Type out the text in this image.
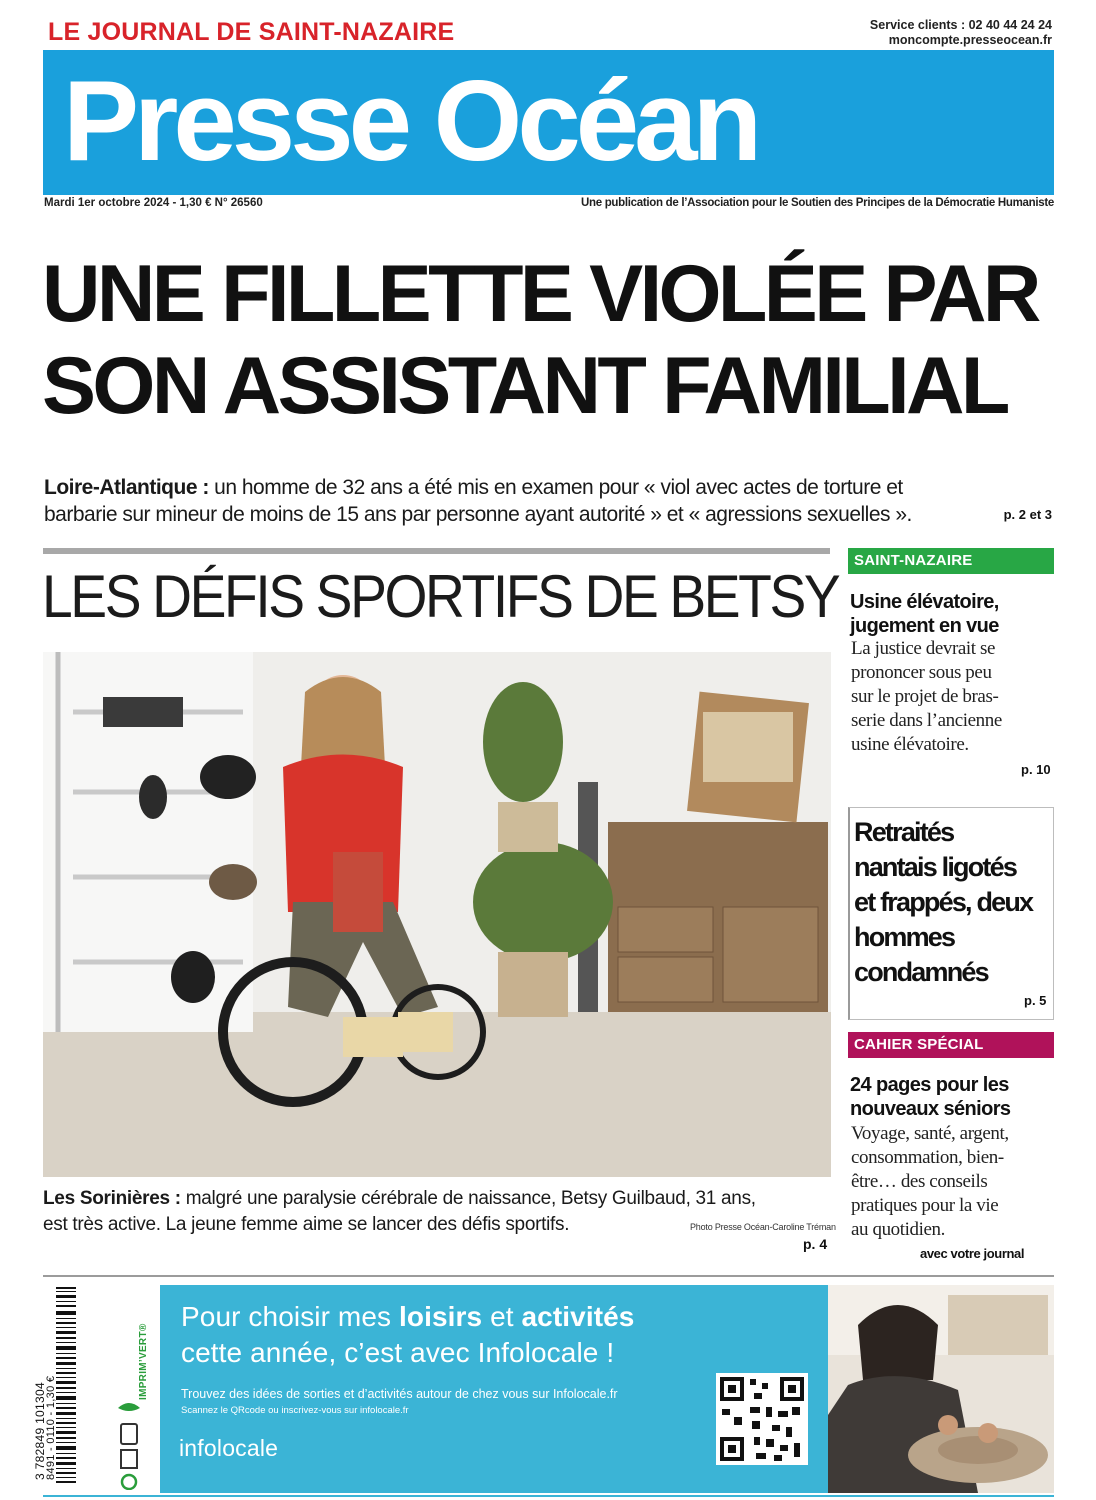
LE JOURNAL DE SAINT-NAZAIRE	Service clients : 02 40 44 24 24
moncompte.presseocean.fr
Presse Océan
Mardi 1er octobre 2024 - 1,30 € N° 26560	Une publication de l’Association pour le Soutien des Principes de la Démocratie Humaniste
UNE FILLETTE VIOLÉE PAR
SON ASSISTANT FAMILIAL
Loire-Atlantique : un homme de 32 ans a été mis en examen pour « viol avec actes de torture et
barbarie sur mineur de moins de 15 ans par personne ayant autorité » et « agressions sexuelles ».	p. 2 et 3
LES DÉFIS SPORTIFS DE BETSY
Les Sorinières : malgré une paralysie cérébrale de naissance, Betsy Guilbaud, 31 ans,
est très active. La jeune femme aime se lancer des défis sportifs.	Photo Presse Océan-Caroline Tréman
p. 4
SAINT-NAZAIRE
Usine élévatoire,
jugement en vue
La justice devrait se
prononcer sous peu
sur le projet de bras-
serie dans l’ancienne
usine élévatoire.
p. 10
Retraités
nantais ligotés
et frappés, deux
hommes
condamnés
p. 5
CAHIER SPÉCIAL
24 pages pour les
nouveaux séniors
Voyage, santé, argent,
consommation, bien-
être… des conseils
pratiques pour la vie
au quotidien.
avec votre journal
3 782849 101304
8491 - 0110 - 1,30 €
IMPRIM’VERT®
Pour choisir mes loisirs et activités
cette année, c’est avec Infolocale !
Trouvez des idées de sorties et d’activités autour de chez vous sur Infolocale.fr
Scannez le QRcode ou inscrivez-vous sur infolocale.fr
infolocale
